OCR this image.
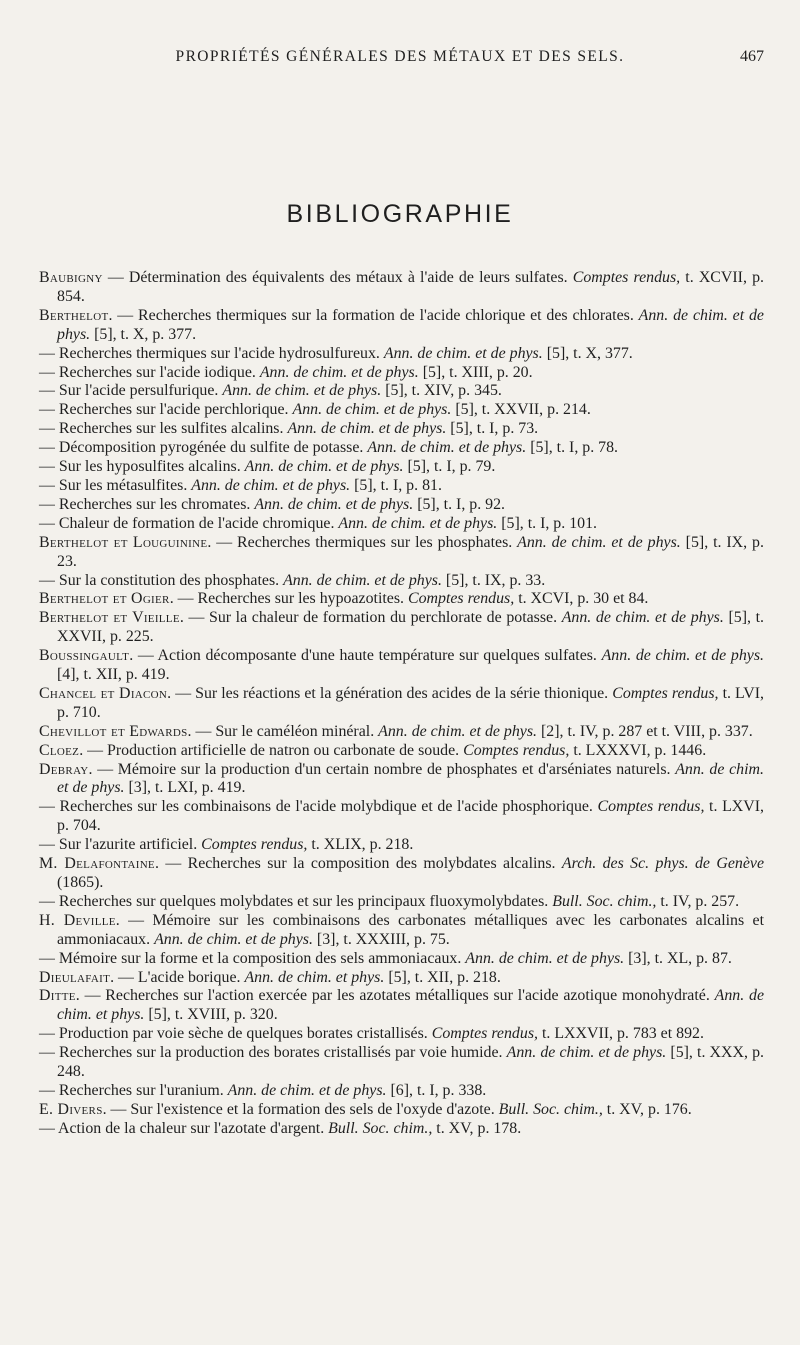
PROPRIÉTÉS GÉNÉRALES DES MÉTAUX ET DES SELS.	467
BIBLIOGRAPHIE

Baubigny — Détermination des équivalents des métaux à l'aide de leurs sulfates. Comptes rendus, t. XCVII, p. 854.

Berthelot. — Recherches thermiques sur la formation de l'acide chlorique et des chlorates. Ann. de chim. et de phys. [5], t. X, p. 377.

— Recherches thermiques sur l'acide hydrosulfureux. Ann. de chim. et de phys. [5], t. X, 377.

— Recherches sur l'acide iodique. Ann. de chim. et de phys. [5], t. XIII, p. 20.

— Sur l'acide persulfurique. Ann. de chim. et de phys. [5], t. XIV, p. 345.

— Recherches sur l'acide perchlorique. Ann. de chim. et de phys. [5], t. XXVII, p. 214.

— Recherches sur les sulfites alcalins. Ann. de chim. et de phys. [5], t. I, p. 73.

— Décomposition pyrogénée du sulfite de potasse. Ann. de chim. et de phys. [5], t. I, p. 78.

— Sur les hyposulfites alcalins. Ann. de chim. et de phys. [5], t. I, p. 79.

— Sur les métasulfites. Ann. de chim. et de phys. [5], t. I, p. 81.

— Recherches sur les chromates. Ann. de chim. et de phys. [5], t. I, p. 92.

— Chaleur de formation de l'acide chromique. Ann. de chim. et de phys. [5], t. I, p. 101.

Berthelot et Louguinine. — Recherches thermiques sur les phosphates. Ann. de chim. et de phys. [5], t. IX, p. 23.

— Sur la constitution des phosphates. Ann. de chim. et de phys. [5], t. IX, p. 33.

Berthelot et Ogier. — Recherches sur les hypoazotites. Comptes rendus, t. XCVI, p. 30 et 84.

Berthelot et Vieille. — Sur la chaleur de formation du perchlorate de potasse. Ann. de chim. et de phys. [5], t. XXVII, p. 225.

Boussingault. — Action décomposante d'une haute température sur quelques sulfates. Ann. de chim. et de phys. [4], t. XII, p. 419.

Chancel et Diacon. — Sur les réactions et la génération des acides de la série thionique. Comptes rendus, t. LVI, p. 710.

Chevillot et Edwards. — Sur le caméléon minéral. Ann. de chim. et de phys. [2], t. IV, p. 287 et t. VIII, p. 337.

Cloez. — Production artificielle de natron ou carbonate de soude. Comptes rendus, t. LXXXVI, p. 1446.

Debray. — Mémoire sur la production d'un certain nombre de phosphates et d'arséniates naturels. Ann. de chim. et de phys. [3], t. LXI, p. 419.

— Recherches sur les combinaisons de l'acide molybdique et de l'acide phosphorique. Comptes rendus, t. LXVI, p. 704.

— Sur l'azurite artificiel. Comptes rendus, t. XLIX, p. 218.

M. Delafontaine. — Recherches sur la composition des molybdates alcalins. Arch. des Sc. phys. de Genève (1865).

— Recherches sur quelques molybdates et sur les principaux fluoxymolybdates. Bull. Soc. chim., t. IV, p. 257.

H. Deville. — Mémoire sur les combinaisons des carbonates métalliques avec les carbonates alcalins et ammoniacaux. Ann. de chim. et de phys. [3], t. XXXIII, p. 75.

— Mémoire sur la forme et la composition des sels ammoniacaux. Ann. de chim. et de phys. [3], t. XL, p. 87.

Dieulafait. — L'acide borique. Ann. de chim. et phys. [5], t. XII, p. 218.

Ditte. — Recherches sur l'action exercée par les azotates métalliques sur l'acide azotique monohydraté. Ann. de chim. et phys. [5], t. XVIII, p. 320.

— Production par voie sèche de quelques borates cristallisés. Comptes rendus, t. LXXVII, p. 783 et 892.

— Recherches sur la production des borates cristallisés par voie humide. Ann. de chim. et de phys. [5], t. XXX, p. 248.

— Recherches sur l'uranium. Ann. de chim. et de phys. [6], t. I, p. 338.

E. Divers. — Sur l'existence et la formation des sels de l'oxyde d'azote. Bull. Soc. chim., t. XV, p. 176.

— Action de la chaleur sur l'azotate d'argent. Bull. Soc. chim., t. XV, p. 178.
